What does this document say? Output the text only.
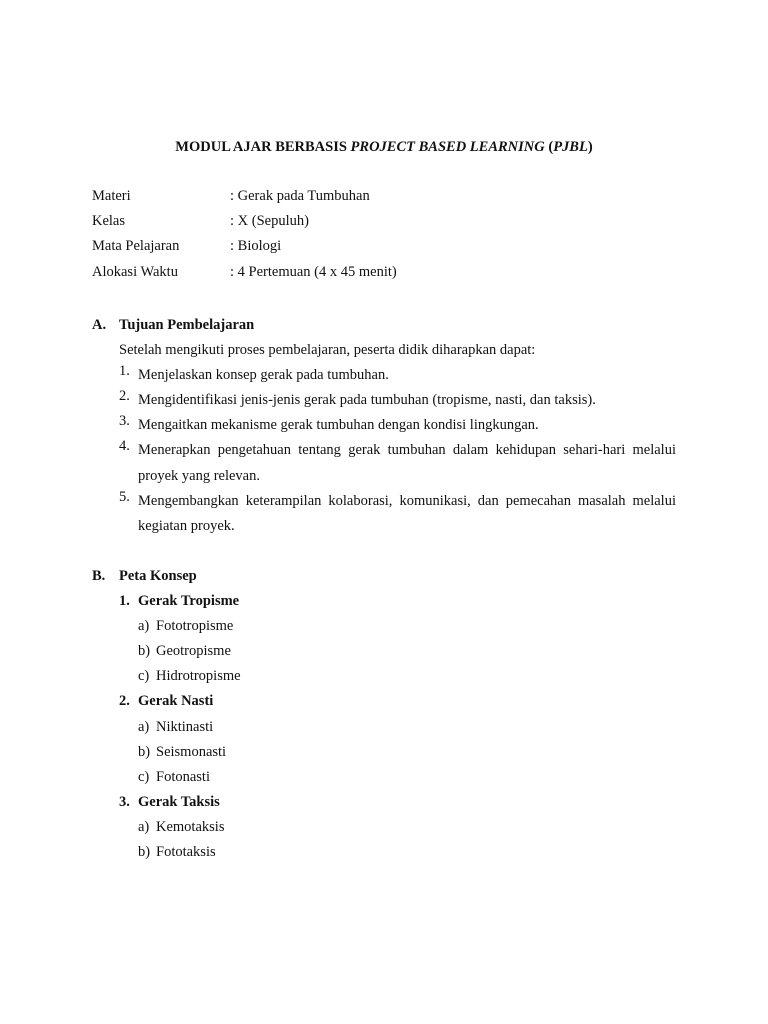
MODUL AJAR BERBASIS PROJECT BASED LEARNING (PJBL)
Materi	: Gerak pada Tumbuhan
Kelas	: X (Sepuluh)
Mata Pelajaran	: Biologi
Alokasi Waktu	: 4 Pertemuan (4 x 45 menit)
A. Tujuan Pembelajaran
Setelah mengikuti proses pembelajaran, peserta didik diharapkan dapat:
1. Menjelaskan konsep gerak pada tumbuhan.
2. Mengidentifikasi jenis-jenis gerak pada tumbuhan (tropisme, nasti, dan taksis).
3. Mengaitkan mekanisme gerak tumbuhan dengan kondisi lingkungan.
4. Menerapkan pengetahuan tentang gerak tumbuhan dalam kehidupan sehari-hari melalui proyek yang relevan.
5. Mengembangkan keterampilan kolaborasi, komunikasi, dan pemecahan masalah melalui kegiatan proyek.
B. Peta Konsep
1. Gerak Tropisme
a) Fototropisme
b) Geotropisme
c) Hidrotropisme
2. Gerak Nasti
a) Niktinasti
b) Seismonasti
c) Fotonasti
3. Gerak Taksis
a) Kemotaksis
b) Fototaksis
